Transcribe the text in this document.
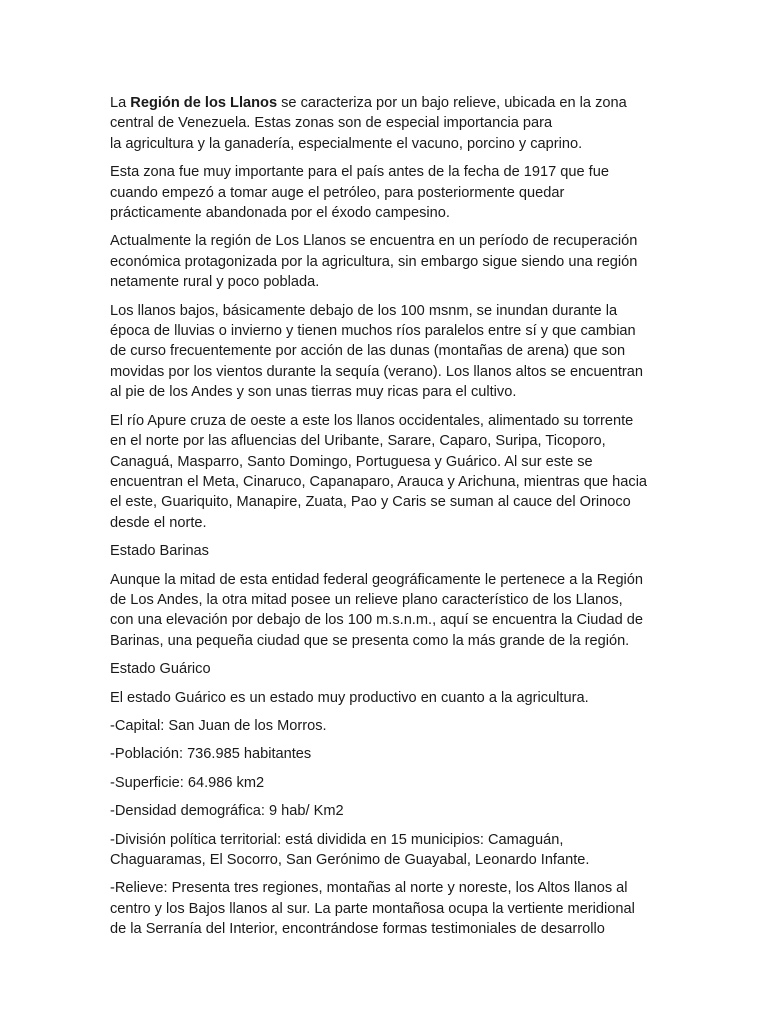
La Región de los Llanos se caracteriza por un bajo relieve, ubicada en la zona
central de Venezuela. Estas zonas son de especial importancia para
la agricultura y la ganadería, especialmente el vacuno, porcino y caprino.

Esta zona fue muy importante para el país antes de la fecha de 1917 que fue
cuando empezó a tomar auge el petróleo, para posteriormente quedar
prácticamente abandonada por el éxodo campesino.

Actualmente la región de Los Llanos se encuentra en un período de recuperación
económica protagonizada por la agricultura, sin embargo sigue siendo una región
netamente rural y poco poblada.

Los llanos bajos, básicamente debajo de los 100 msnm, se inundan durante la
época de lluvias o invierno y tienen muchos ríos paralelos entre sí y que cambian
de curso frecuentemente por acción de las dunas (montañas de arena) que son
movidas por los vientos durante la sequía (verano). Los llanos altos se encuentran
al pie de los Andes y son unas tierras muy ricas para el cultivo.

El río Apure cruza de oeste a este los llanos occidentales, alimentado su torrente
en el norte por las afluencias del Uribante, Sarare, Caparo, Suripa, Ticoporo,
Canaguá, Masparro, Santo Domingo, Portuguesa y Guárico. Al sur este se
encuentran el Meta, Cinaruco, Capanaparo, Arauca y Arichuna, mientras que hacia
el este, Guariquito, Manapire, Zuata, Pao y Caris se suman al cauce del Orinoco
desde el norte.

Estado Barinas

Aunque la mitad de esta entidad federal geográficamente le pertenece a la Región
de Los Andes, la otra mitad posee un relieve plano característico de los Llanos,
con una elevación por debajo de los 100 m.s.n.m., aquí se encuentra la Ciudad de
Barinas, una pequeña ciudad que se presenta como la más grande de la región.

Estado Guárico

El estado Guárico es un estado muy productivo en cuanto a la agricultura.

-Capital: San Juan de los Morros.

-Población: 736.985 habitantes

-Superficie: 64.986 km2

-Densidad demográfica: 9 hab/ Km2

-División política territorial: está dividida en 15 municipios: Camaguán,
Chaguaramas, El Socorro, San Gerónimo de Guayabal, Leonardo Infante.

-Relieve: Presenta tres regiones, montañas al norte y noreste, los Altos llanos al
centro y los Bajos llanos al sur. La parte montañosa ocupa la vertiente meridional
de la Serranía del Interior, encontrándose formas testimoniales de desarrollo
